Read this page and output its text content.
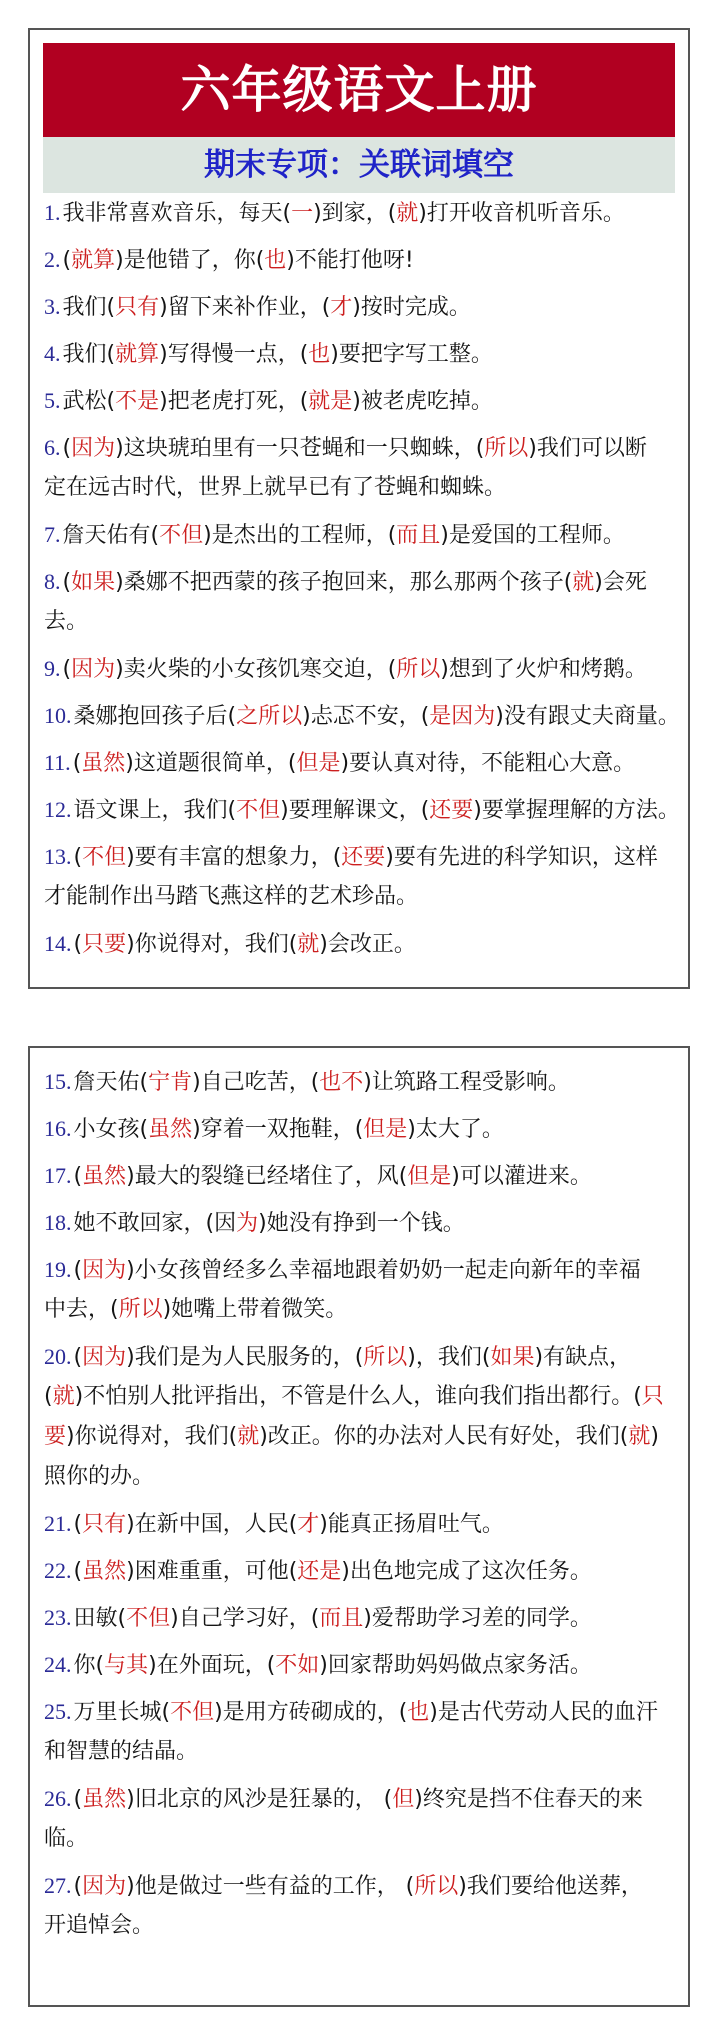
六年级语文上册
期末专项：关联词填空
1.我非常喜欢音乐，每天(一)到家，(就)打开收音机听音乐。
2.(就算)是他错了，你(也)不能打他呀!
3.我们(只有)留下来补作业，(才)按时完成。
4.我们(就算)写得慢一点，(也)要把字写工整。
5.武松(不是)把老虎打死，(就是)被老虎吃掉。
6.(因为)这块琥珀里有一只苍蝇和一只蜘蛛，(所以)我们可以断
定在远古时代，世界上就早已有了苍蝇和蜘蛛。
7.詹天佑有(不但)是杰出的工程师，(而且)是爱国的工程师。
8.(如果)桑娜不把西蒙的孩子抱回来，那么那两个孩子(就)会死
去。
9.(因为)卖火柴的小女孩饥寒交迫，(所以)想到了火炉和烤鹅。
10.桑娜抱回孩子后(之所以)忐忑不安，(是因为)没有跟丈夫商量。
11.(虽然)这道题很简单，(但是)要认真对待，不能粗心大意。
12.语文课上，我们(不但)要理解课文，(还要)要掌握理解的方法。
13.(不但)要有丰富的想象力，(还要)要有先进的科学知识，这样
才能制作出马踏飞燕这样的艺术珍品。
14.(只要)你说得对，我们(就)会改正。
15.詹天佑(宁肯)自己吃苦，(也不)让筑路工程受影响。
16.小女孩(虽然)穿着一双拖鞋，(但是)太大了。
17.(虽然)最大的裂缝已经堵住了，风(但是)可以灌进来。
18.她不敢回家，(因为)她没有挣到一个钱。
19.(因为)小女孩曾经多么幸福地跟着奶奶一起走向新年的幸福
中去，(所以)她嘴上带着微笑。
20.(因为)我们是为人民服务的，(所以)，我们(如果)有缺点，
(就)不怕别人批评指出，不管是什么人，谁向我们指出都行。(只
要)你说得对，我们(就)改正。你的办法对人民有好处，我们(就)
照你的办。
21.(只有)在新中国，人民(才)能真正扬眉吐气。
22.(虽然)困难重重，可他(还是)出色地完成了这次任务。
23.田敏(不但)自己学习好，(而且)爱帮助学习差的同学。
24.你(与其)在外面玩，(不如)回家帮助妈妈做点家务活。
25.万里长城(不但)是用方砖砌成的，(也)是古代劳动人民的血汗
和智慧的结晶。
26.(虽然)旧北京的风沙是狂暴的， (但)终究是挡不住春天的来
临。
27.(因为)他是做过一些有益的工作， (所以)我们要给他送葬，
开追悼会。
